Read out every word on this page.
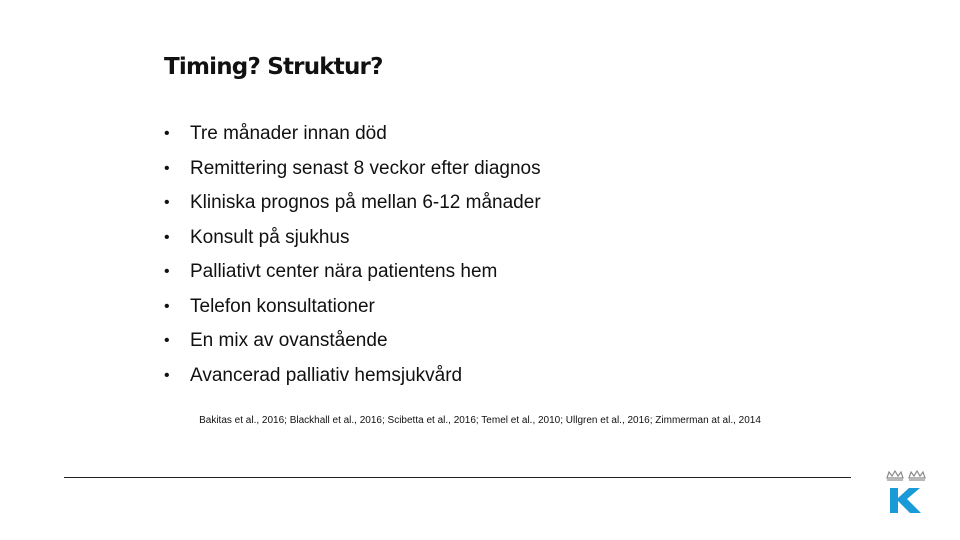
Timing? Struktur?
• Tre månader innan död
• Remittering senast 8 veckor efter diagnos
• Kliniska prognos på mellan 6-12 månader
• Konsult på sjukhus
• Palliativt center nära patientens hem
• Telefon konsultationer
• En mix av ovanstående
• Avancerad palliativ hemsjukvård
Bakitas et al., 2016; Blackhall et al., 2016; Scibetta et al., 2016; Temel et al., 2010; Ullgren et al., 2016; Zimmerman at al., 2014
